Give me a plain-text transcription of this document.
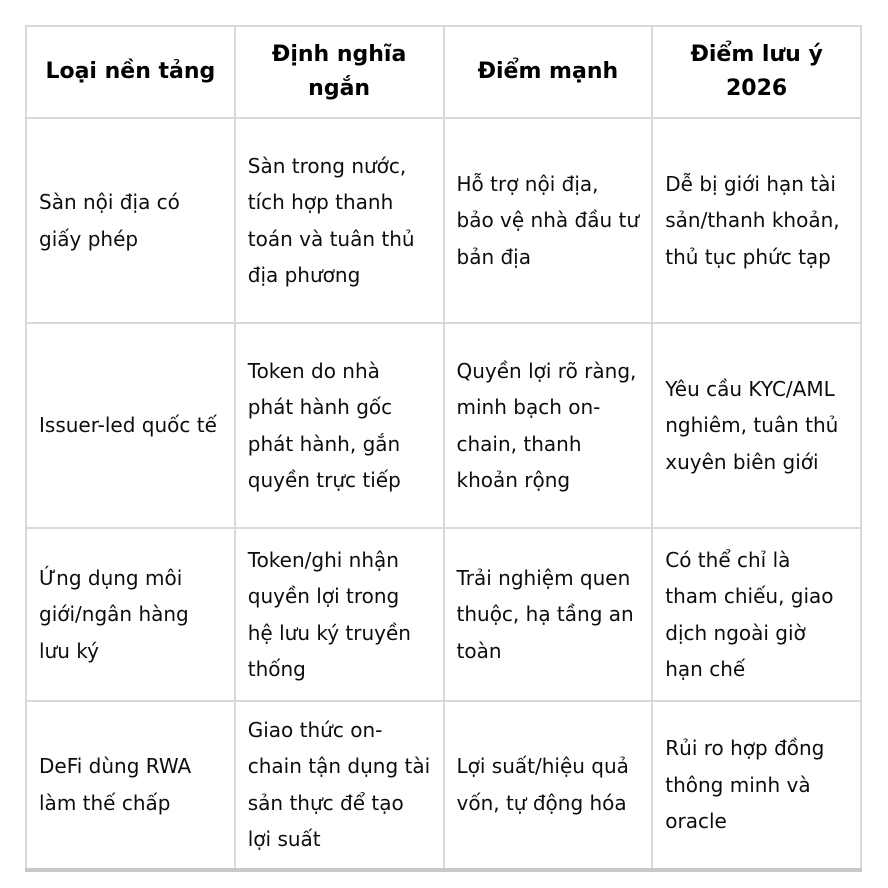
Loại nền tảng	Định nghĩa ngắn	Điểm mạnh	Điểm lưu ý 2026
Sàn nội địa có giấy phép	Sàn trong nước, tích hợp thanh toán và tuân thủ địa phương	Hỗ trợ nội địa, bảo vệ nhà đầu tư bản địa	Dễ bị giới hạn tài sản/thanh khoản, thủ tục phức tạp
Issuer-led quốc tế	Token do nhà phát hành gốc phát hành, gắn quyền trực tiếp	Quyền lợi rõ ràng, minh bạch on-chain, thanh khoản rộng	Yêu cầu KYC/AML nghiêm, tuân thủ xuyên biên giới
Ứng dụng môi giới/ngân hàng lưu ký	Token/ghi nhận quyền lợi trong hệ lưu ký truyền thống	Trải nghiệm quen thuộc, hạ tầng an toàn	Có thể chỉ là tham chiếu, giao dịch ngoài giờ hạn chế
DeFi dùng RWA làm thế chấp	Giao thức on-chain tận dụng tài sản thực để tạo lợi suất	Lợi suất/hiệu quả vốn, tự động hóa	Rủi ro hợp đồng thông minh và oracle
